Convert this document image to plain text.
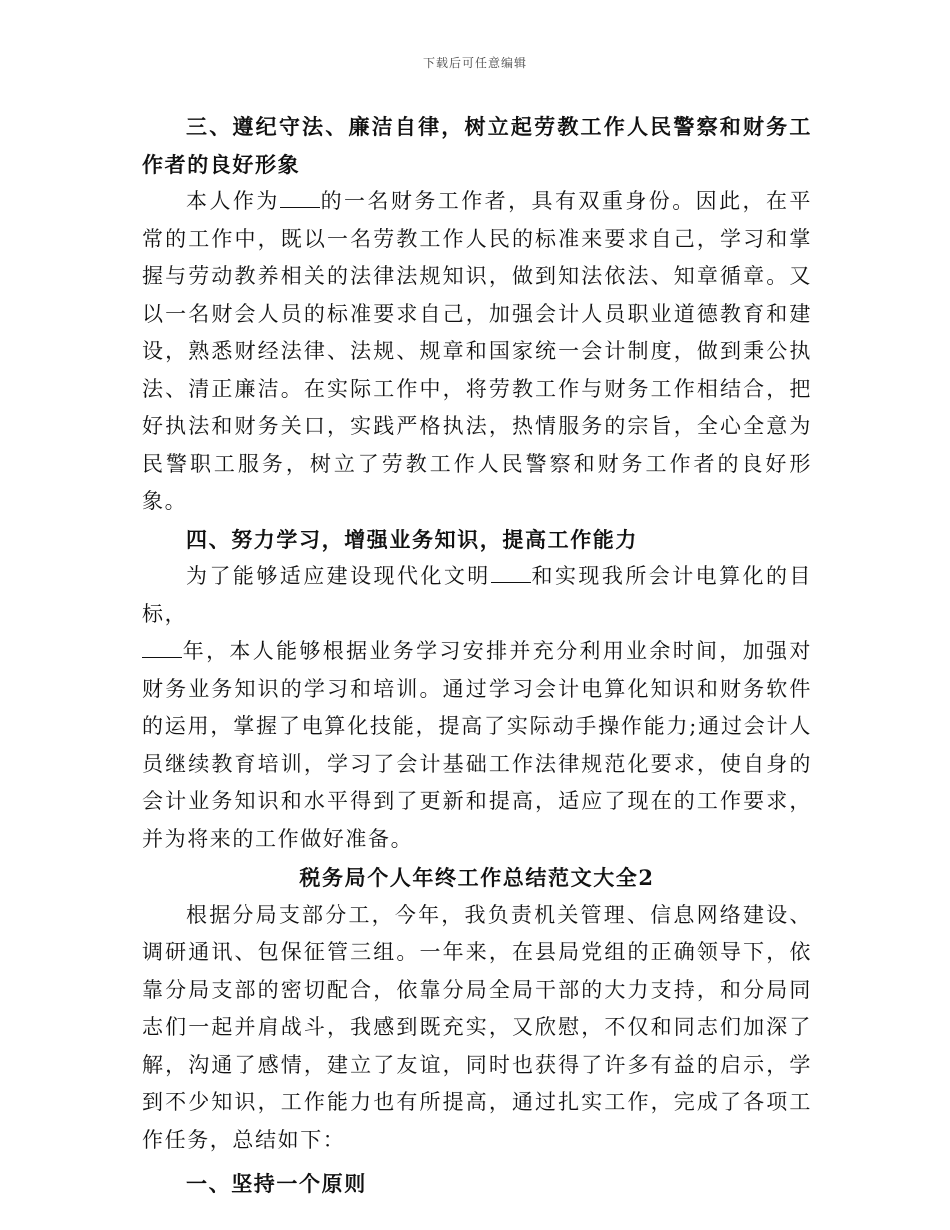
下载后可任意编辑

三、遵纪守法、廉洁自律，树立起劳教工作人民警察和财务工作者的良好形象

本人作为 的一名财务工作者，具有双重身份。因此，在平常的工作中，既以一名劳教工作人民的标准来要求自己，学习和掌握与劳动教养相关的法律法规知识，做到知法依法、知章循章。又以一名财会人员的标准要求自己，加强会计人员职业道德教育和建设，熟悉财经法律、法规、规章和国家统一会计制度，做到秉公执法、清正廉洁。在实际工作中，将劳教工作与财务工作相结合，把好执法和财务关口，实践严格执法，热情服务的宗旨，全心全意为民警职工服务，树立了劳教工作人民警察和财务工作者的良好形象。

四、努力学习，增强业务知识，提高工作能力

为了能够适应建设现代化文明 和实现我所会计电算化的目标，
年，本人能够根据业务学习安排并充分利用业余时间，加强对财务业务知识的学习和培训。通过学习会计电算化知识和财务软件的运用，掌握了电算化技能，提高了实际动手操作能力;通过会计人员继续教育培训，学习了会计基础工作法律规范化要求，使自身的会计业务知识和水平得到了更新和提高，适应了现在的工作要求，并为将来的工作做好准备。

税务局个人年终工作总结范文大全2

根据分局支部分工，今年，我负责机关管理、信息网络建设、调研通讯、包保征管三组。一年来，在县局党组的正确领导下，依靠分局支部的密切配合，依靠分局全局干部的大力支持，和分局同志们一起并肩战斗，我感到既充实，又欣慰，不仅和同志们加深了解，沟通了感情，建立了友谊，同时也获得了许多有益的启示，学到不少知识，工作能力也有所提高，通过扎实工作，完成了各项工作任务，总结如下：

一、坚持一个原则
